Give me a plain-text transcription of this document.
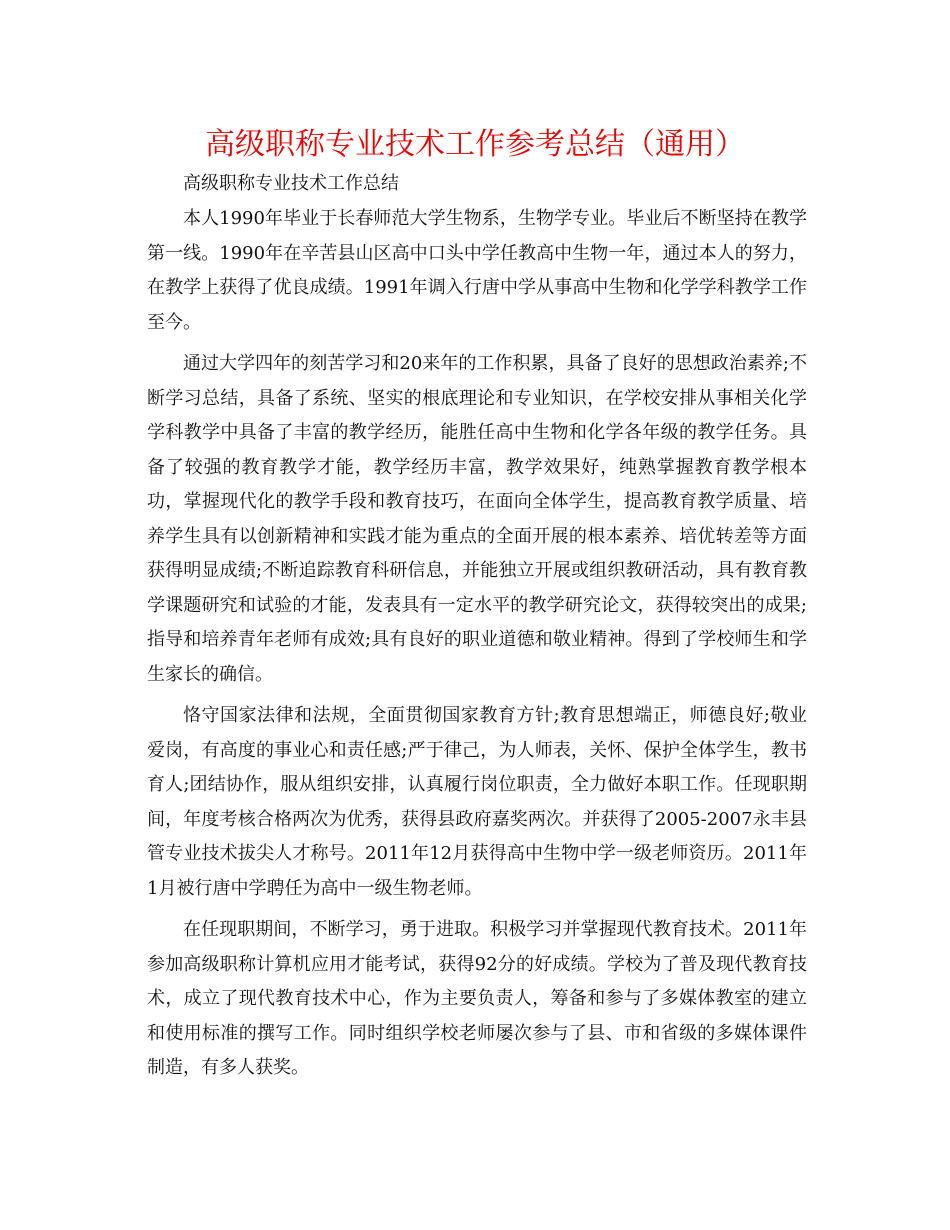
高级职称专业技术工作参考总结（通用）

高级职称专业技术工作总结

本人1990年毕业于长春师范大学生物系，生物学专业。毕业后不断坚持在教学第一线。1990年在辛苦县山区高中口头中学任教高中生物一年，通过本人的努力，在教学上获得了优良成绩。1991年调入行唐中学从事高中生物和化学学科教学工作至今。

通过大学四年的刻苦学习和20来年的工作积累，具备了良好的思想政治素养;不断学习总结，具备了系统、坚实的根底理论和专业知识，在学校安排从事相关化学学科教学中具备了丰富的教学经历，能胜任高中生物和化学各年级的教学任务。具备了较强的教育教学才能，教学经历丰富，教学效果好，纯熟掌握教育教学根本功，掌握现代化的教学手段和教育技巧，在面向全体学生，提高教育教学质量、培养学生具有以创新精神和实践才能为重点的全面开展的根本素养、培优转差等方面获得明显成绩;不断追踪教育科研信息，并能独立开展或组织教研活动，具有教育教学课题研究和试验的才能，发表具有一定水平的教学研究论文，获得较突出的成果;指导和培养青年老师有成效;具有良好的职业道德和敬业精神。得到了学校师生和学生家长的确信。

恪守国家法律和法规，全面贯彻国家教育方针;教育思想端正，师德良好;敬业爱岗，有高度的事业心和责任感;严于律己，为人师表，关怀、保护全体学生，教书育人;团结协作，服从组织安排，认真履行岗位职责，全力做好本职工作。任现职期间，年度考核合格两次为优秀，获得县政府嘉奖两次。并获得了2005-2007永丰县管专业技术拔尖人才称号。2011年12月获得高中生物中学一级老师资历。2011年1月被行唐中学聘任为高中一级生物老师。

在任现职期间，不断学习，勇于进取。积极学习并掌握现代教育技术。2011年参加高级职称计算机应用才能考试，获得92分的好成绩。学校为了普及现代教育技术，成立了现代教育技术中心，作为主要负责人，筹备和参与了多媒体教室的建立和使用标准的撰写工作。同时组织学校老师屡次参与了县、市和省级的多媒体课件制造，有多人获奖。
